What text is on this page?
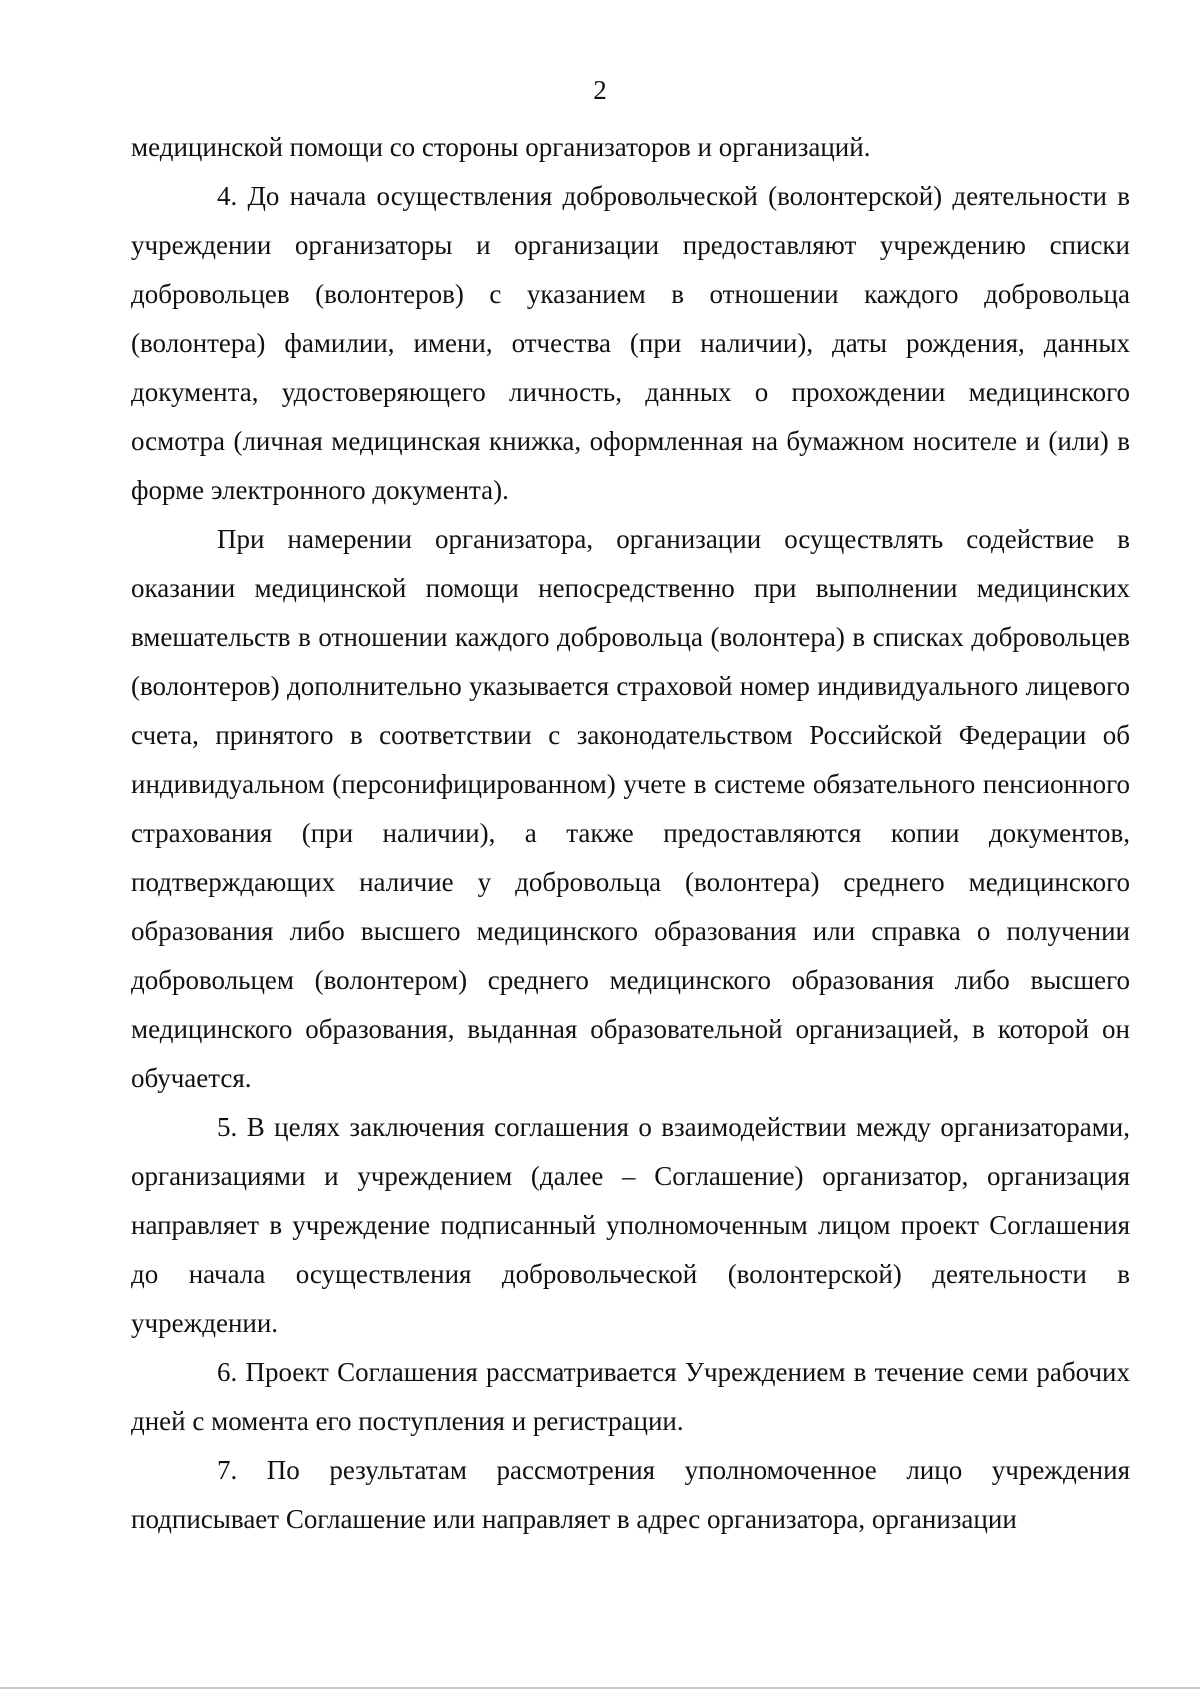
2

медицинской помощи со стороны организаторов и организаций.

4. До начала осуществления добровольческой (волонтерской) деятельности в учреждении организаторы и организации предоставляют учреждению списки добровольцев (волонтеров) с указанием в отношении каждого добровольца (волонтера) фамилии, имени, отчества (при наличии), даты рождения, данных документа, удостоверяющего личность, данных о прохождении медицинского осмотра (личная медицинская книжка, оформленная на бумажном носителе и (или) в форме электронного документа).

При намерении организатора, организации осуществлять содействие в оказании медицинской помощи непосредственно при выполнении медицинских вмешательств в отношении каждого добровольца (волонтера) в списках добровольцев (волонтеров) дополнительно указывается страховой номер индивидуального лицевого счета, принятого в соответствии с законодательством Российской Федерации об индивидуальном (персонифицированном) учете в системе обязательного пенсионного страхования (при наличии), а также предоставляются копии документов, подтверждающих наличие у добровольца (волонтера) среднего медицинского образования либо высшего медицинского образования или справка о получении добровольцем (волонтером) среднего медицинского образования либо высшего медицинского образования, выданная образовательной организацией, в которой он обучается.

5. В целях заключения соглашения о взаимодействии между организаторами, организациями и учреждением (далее – Соглашение) организатор, организация направляет в учреждение подписанный уполномоченным лицом проект Соглашения до начала осуществления добровольческой (волонтерской) деятельности в учреждении.

6. Проект Соглашения рассматривается Учреждением в течение семи рабочих дней с момента его поступления и регистрации.

7. По результатам рассмотрения уполномоченное лицо учреждения подписывает Соглашение или направляет в адрес организатора, организации
